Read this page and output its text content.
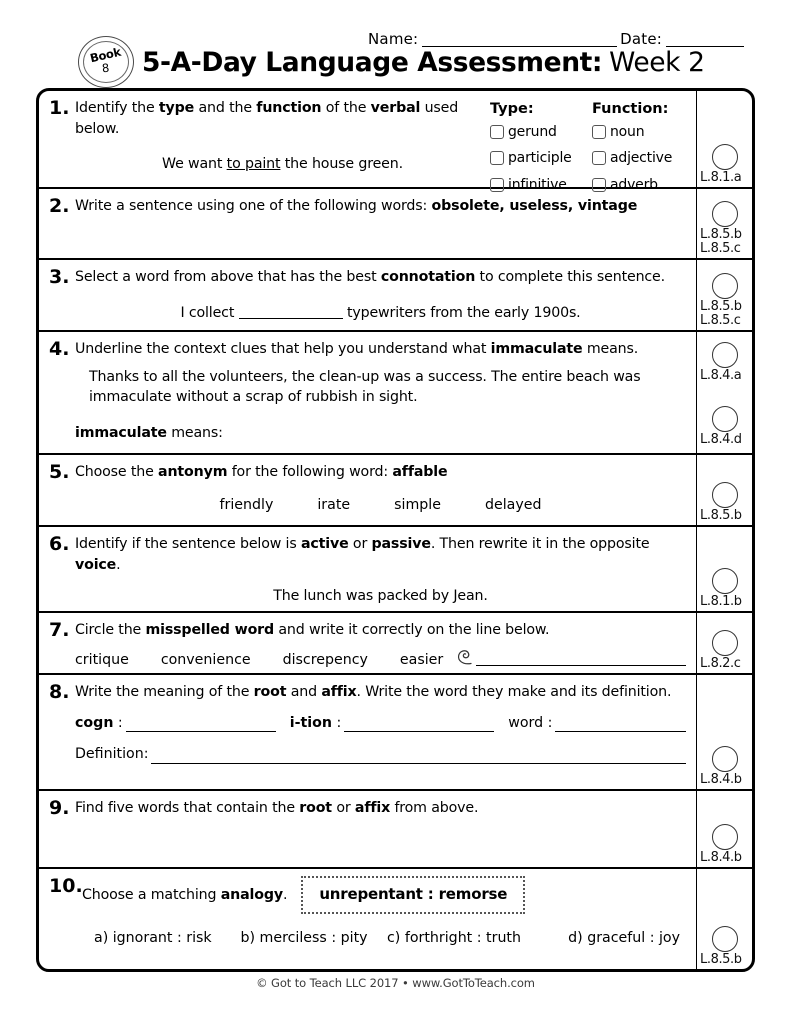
Name:	Date:
Book
8 5-A-Day Language Assessment: Week 2
1. Identify the type and the function of the verbal used below.
We want to paint the house green.
Type:
gerund
participle
infinitive
Function:
noun
adjective
adverb	L.8.1.a
2. Write a sentence using one of the following words: obsolete, useless, vintage
L.8.5.b
L.8.5.c
3. Select a word from above that has the best connotation to complete this sentence.
I collect	typewriters from the early 1900s.	L.8.5.b
L.8.5.c
4. Underline the context clues that help you understand what immaculate means.
Thanks to all the volunteers, the clean-up was a success. The entire beach was immaculate without a scrap of rubbish in sight.
immaculate means:
L.8.4.a
L.8.4.d
5. Choose the antonym for the following word: affable
friendly	irate	simple	delayed
L.8.5.b
6. Identify if the sentence below is active or passive. Then rewrite it in the opposite voice.
The lunch was packed by Jean.	L.8.1.b
7. Circle the misspelled word and write it correctly on the line below.
critique convenience discrepency easier	L.8.2.c
8. Write the meaning of the root and affix. Write the word they make and its definition.
cogn :	i-tion :	word :
Definition:
L.8.4.b
9. Find five words that contain the root or affix from above.
L.8.4.b
10. Choose a matching analogy.	unrepentant : remorse
a) ignorant : risk	b) merciless : pity	c) forthright : truth	d) graceful : joy
L.8.5.b
© Got to Teach LLC 2017 • www.GotToTeach.com
